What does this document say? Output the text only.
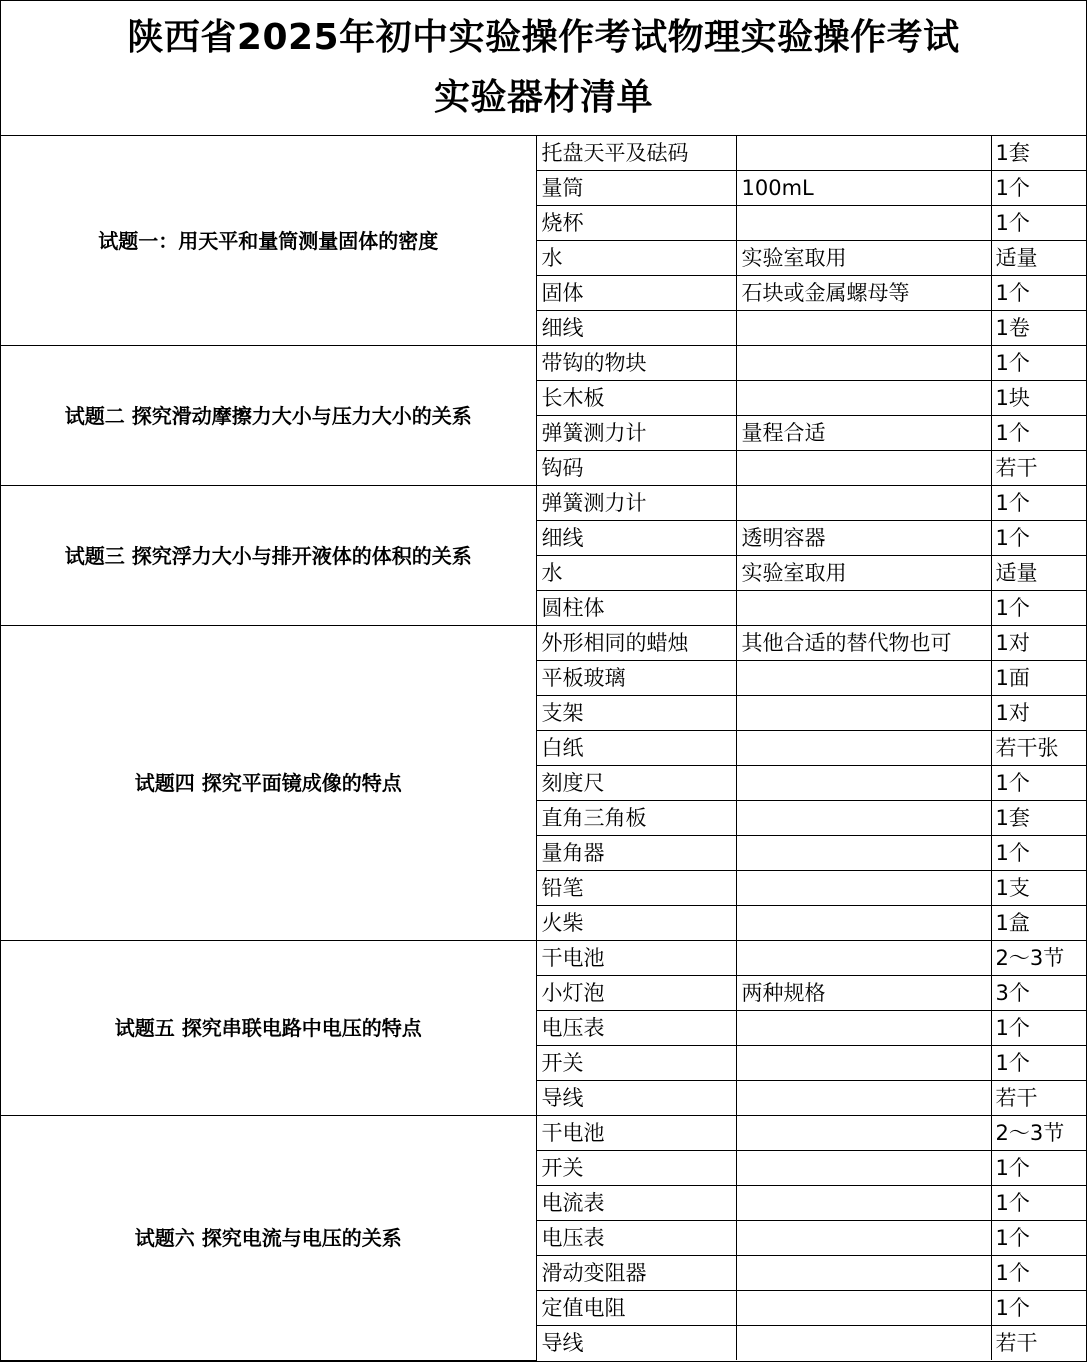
陕西省2025年初中实验操作考试物理实验操作考试
实验器材清单
试题一：用天平和量筒测量固体的密度	托盘天平及砝码		1套
	量筒	100mL	1个
	烧杯		1个
	水	实验室取用	适量
	固体	石块或金属螺母等	1个
	细线		1卷
试题二 探究滑动摩擦力大小与压力大小的关系	带钩的物块		1个
	长木板		1块
	弹簧测力计	量程合适	1个
	钩码		若干
试题三 探究浮力大小与排开液体的体积的关系	弹簧测力计		1个
	细线	透明容器	1个
	水	实验室取用	适量
	圆柱体		1个
试题四 探究平面镜成像的特点	外形相同的蜡烛	其他合适的替代物也可	1对
	平板玻璃		1面
	支架		1对
	白纸		若干张
	刻度尺		1个
	直角三角板		1套
	量角器		1个
	铅笔		1支
	火柴		1盒
试题五 探究串联电路中电压的特点	干电池		2～3节
	小灯泡	两种规格	3个
	电压表		1个
	开关		1个
	导线		若干
试题六 探究电流与电压的关系	干电池		2～3节
	开关		1个
	电流表		1个
	电压表		1个
	滑动变阻器		1个
	定值电阻		1个
	导线		若干
